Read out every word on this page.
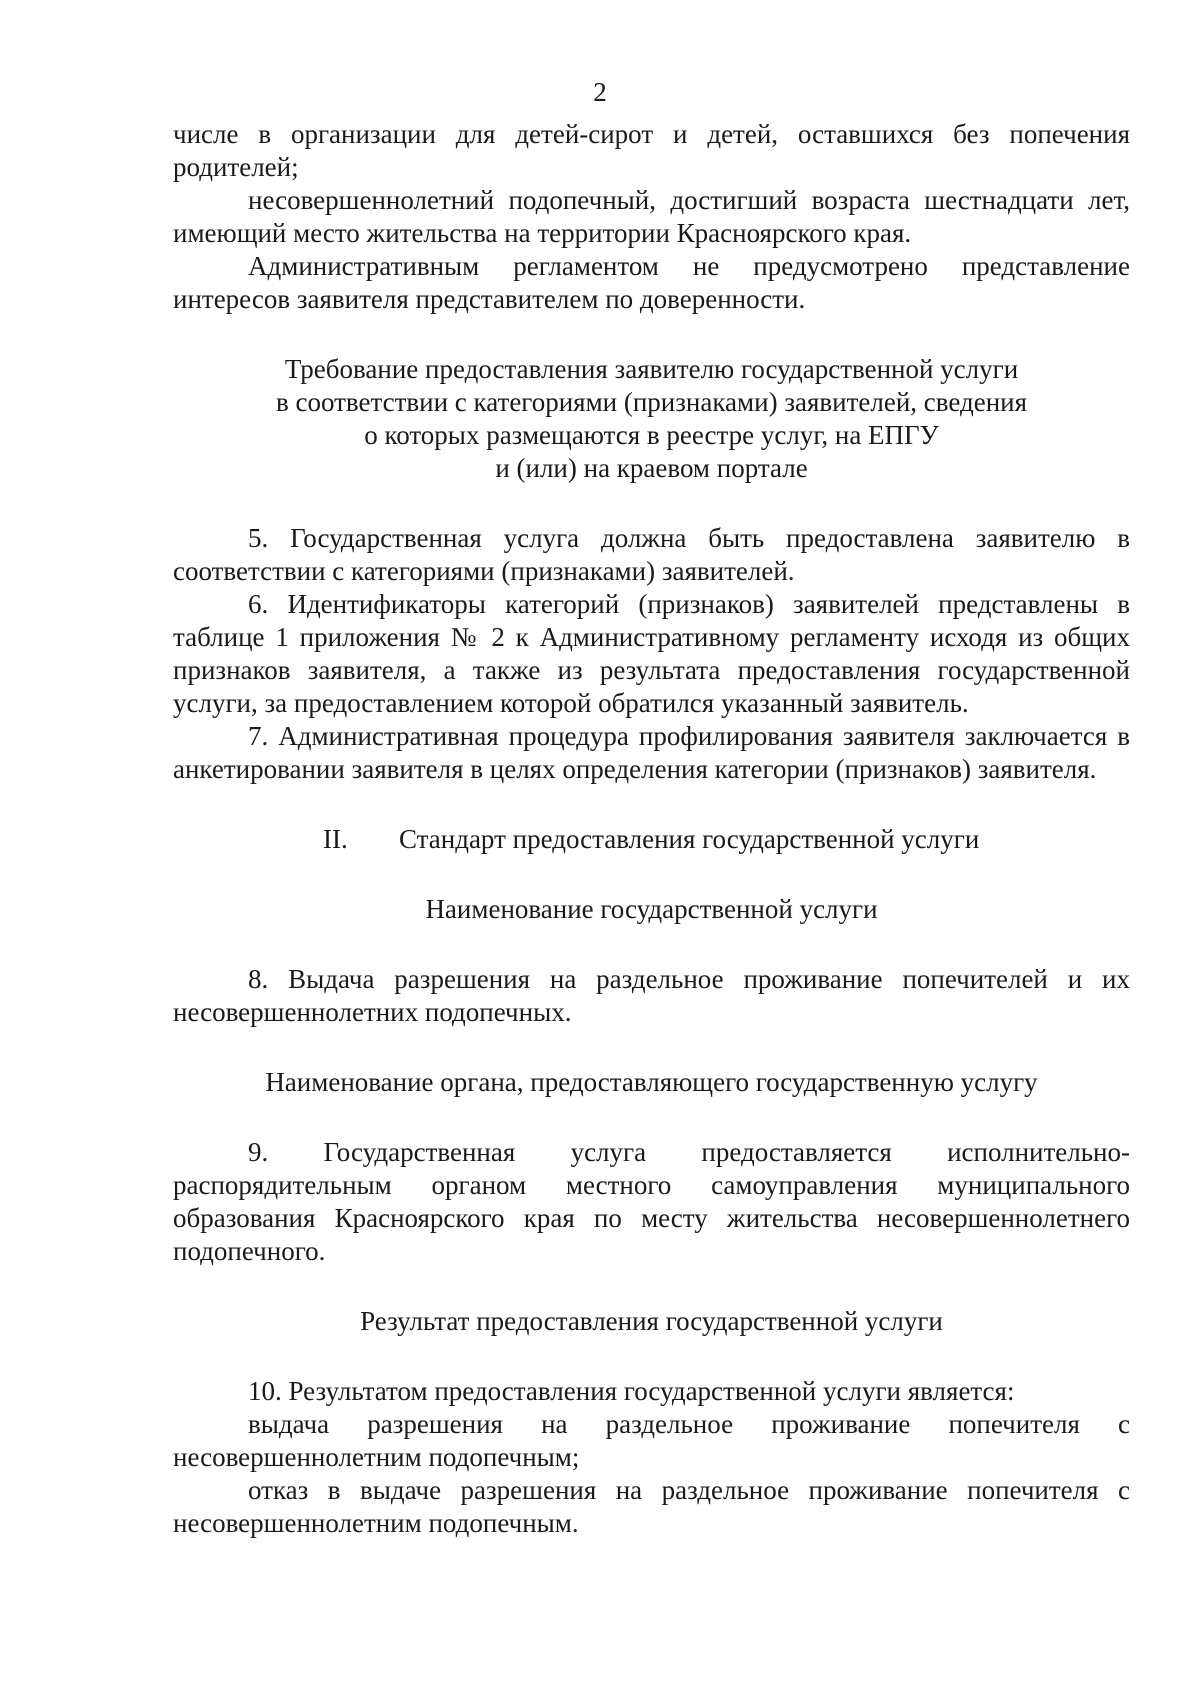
2

числе в организации для детей-сирот и детей, оставшихся без попечения

родителей;

несовершеннолетний подопечный, достигший возраста шестнадцати лет, имеющий место жительства на территории Красноярского края.

Административным регламентом не предусмотрено представление интересов заявителя представителем по доверенности.

Требование предоставления заявителю государственной услуги
в соответствии с категориями (признаками) заявителей, сведения
о которых размещаются в реестре услуг, на ЕПГУ
и (или) на краевом портале

5. Государственная услуга должна быть предоставлена заявителю в соответствии с категориями (признаками) заявителей.

6. Идентификаторы категорий (признаков) заявителей представлены в таблице 1 приложения № 2 к Административному регламенту исходя из общих признаков заявителя, а также из результата предоставления государственной услуги, за предоставлением которой обратился указанный заявитель.

7. Административная процедура профилирования заявителя заключается в анкетировании заявителя в целях определения категории (признаков) заявителя.

II. Стандарт предоставления государственной услуги

Наименование государственной услуги

8. Выдача разрешения на раздельное проживание попечителей и их несовершеннолетних подопечных.

Наименование органа, предоставляющего государственную услугу

9. Государственная услуга предоставляется исполнительно-распорядительным органом местного самоуправления муниципального образования Красноярского края по месту жительства несовершеннолетнего подопечного.

Результат предоставления государственной услуги

10. Результатом предоставления государственной услуги является:

выдача разрешения на раздельное проживание попечителя с несовершеннолетним подопечным;

отказ в выдаче разрешения на раздельное проживание попечителя с несовершеннолетним подопечным.
